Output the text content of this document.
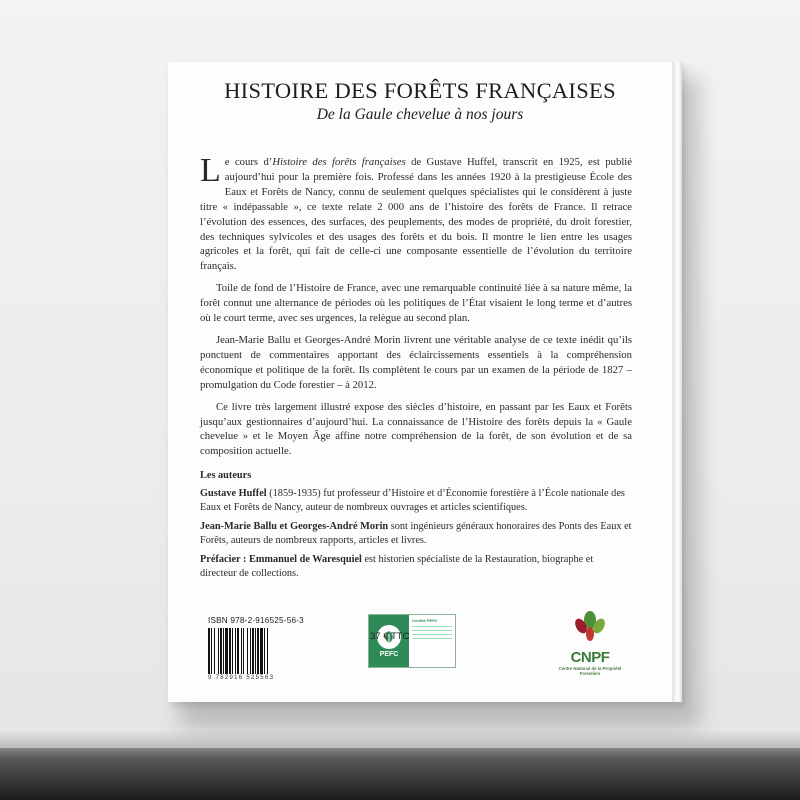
HISTOIRE DES FORÊTS FRANÇAISES
De la Gaule chevelue à nos jours

Le cours d’Histoire des forêts françaises de Gustave Huffel, transcrit en 1925, est publié aujourd’hui pour la première fois. Professé dans les années 1920 à la prestigieuse École des Eaux et Forêts de Nancy, connu de seulement quelques spécialistes qui le considèrent à juste titre « indépassable », ce texte relate 2 000 ans de l’histoire des forêts de France. Il retrace l’évolution des essences, des surfaces, des peuplements, des modes de propriété, du droit forestier, des techniques sylvicoles et des usages des forêts et du bois. Il montre le lien entre les usages agricoles et la forêt, qui fait de celle-ci une composante essentielle de l’évolution du territoire français.

Toile de fond de l’Histoire de France, avec une remarquable continuité liée à sa nature même, la forêt connut une alternance de périodes où les politiques de l’État visaient le long terme et d’autres où le court terme, avec ses urgences, la relègue au second plan.

Jean-Marie Ballu et Georges-André Morin livrent une véritable analyse de ce texte inédit qu’ils ponctuent de commentaires apportant des éclaircissements essentiels à la compréhension économique et politique de la forêt. Ils complètent le cours par un examen de la période de 1827 – promulgation du Code forestier – à 2012.

Ce livre très largement illustré expose des siècles d’histoire, en passant par les Eaux et Forêts jusqu’aux gestionnaires d’aujourd’hui. La connaissance de l’Histoire des forêts depuis la « Gaule chevelue » et le Moyen Âge affine notre compréhension de la forêt, de son évolution et de sa composition actuelle.

Les auteurs

Gustave Huffel (1859-1935) fut professeur d’Histoire et d’Économie forestière à l’École nationale des Eaux et Forêts de Nancy, auteur de nombreux ouvrages et articles scientifiques.

Jean-Marie Ballu et Georges-André Morin sont ingénieurs généraux honoraires des Ponts des Eaux et Forêts, auteurs de nombreux rapports, articles et livres.

Préfacier : Emmanuel de Waresquiel est historien spécialiste de la Restauration, biographe et directeur de collections.

ISBN 978-2-916525-56-3
9 782916 525563
PEFC
Certifié PEFC
CNPF
Centre National de la Propriété Forestière
37 € TTC
